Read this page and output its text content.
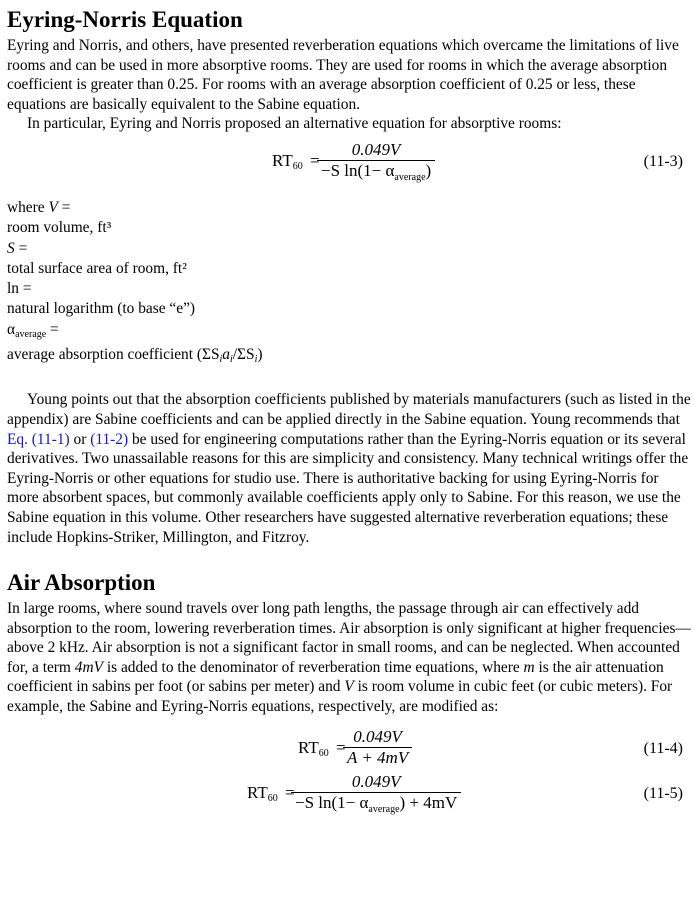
Eyring-Norris Equation

Eyring and Norris, and others, have presented reverberation equations which overcame the limitations of live rooms and can be used in more absorptive rooms. They are used for rooms in which the average absorption coefficient is greater than 0.25. For rooms with an average absorption coefficient of 0.25 or less, these equations are basically equivalent to the Sabine equation.

In particular, Eyring and Norris proposed an alternative equation for absorptive rooms:

$RT_{60}$ =
0.049V
−S $\ln(1- \alpha_{average})$	(11-3)

where V =

room volume, ft³

S =

total surface area of room, ft²

ln =

natural logarithm (to base “e”)

αaverage =

average absorption coefficient (ΣSiai/ΣSi)

Young points out that the absorption coefficients published by materials manufacturers (such as listed in the appendix) are Sabine coefficients and can be applied directly in the Sabine equation. Young recommends that Eq. (11-1) or (11-2) be used for engineering computations rather than the Eyring-Norris equation or its several derivatives. Two unassailable reasons for this are simplicity and consistency. Many technical writings offer the Eyring-Norris or other equations for studio use. There is authoritative backing for using Eyring-Norris for more absorbent spaces, but commonly available coefficients apply only to Sabine. For this reason, we use the Sabine equation in this volume. Other researchers have suggested alternative reverberation equations; these include Hopkins-Striker, Millington, and Fitzroy.

Air Absorption

In large rooms, where sound travels over long path lengths, the passage through air can effectively add absorption to the room, lowering reverberation times. Air absorption is only significant at higher frequencies—above 2 kHz. Air absorption is not a significant factor in small rooms, and can be neglected. When accounted for, a term 4mV is added to the denominator of reverberation time equations, where m is the air attenuation coefficient in sabins per foot (or sabins per meter) and V is room volume in cubic feet (or cubic meters). For example, the Sabine and Eyring-Norris equations, respectively, are modified as:

$RT_{60}$ =
$\frac{0.049V}{A + 4mV}$	(11-4)
$RT_{60}$ =
0.049V
−S $\ln(1- \alpha_{average}) + 4mV$	(11-5)
